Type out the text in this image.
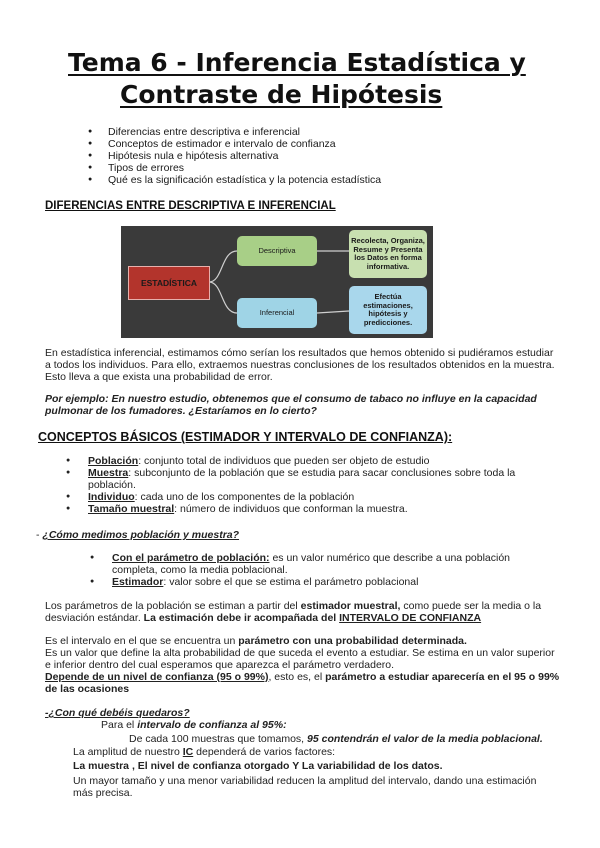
Tema 6 - Inferencia Estadística y
Contraste de Hipótesis
● Diferencias entre descriptiva e inferencial
● Conceptos de estimador e intervalo de confianza
● Hipótesis nula e hipótesis alternativa
● Tipos de errores
● Qué es la significación estadística y la potencia estadística
DIFERENCIAS ENTRE DESCRIPTIVA E INFERENCIAL
ESTADÍSTICA
Descriptiva
Inferencial
Recolecta, Organiza, Resume y Presenta los Datos en forma informativa.
Efectúa estimaciones, hipótesis y predicciones.
En estadística inferencial, estimamos cómo serían los resultados que hemos obtenido si pudiéramos estudiar a todos los individuos. Para ello, extraemos nuestras conclusiones de los resultados obtenidos en la muestra. Esto lleva a que exista una probabilidad de error.
Por ejemplo: En nuestro estudio, obtenemos que el consumo de tabaco no influye en la capacidad pulmonar de los fumadores. ¿Estaríamos en lo cierto?
CONCEPTOS BÁSICOS (ESTIMADOR Y INTERVALO DE CONFIANZA):
● Población: conjunto total de individuos que pueden ser objeto de estudio
● Muestra: subconjunto de la población que se estudia para sacar conclusiones sobre toda la población.
● Individuo: cada uno de los componentes de la población
● Tamaño muestral: número de individuos que conforman la muestra.
- ¿Cómo medimos población y muestra?
● Con el parámetro de población: es un valor numérico que describe a una población completa, como la media poblacional.
● Estimador: valor sobre el que se estima el parámetro poblacional
Los parámetros de la población se estiman a partir del estimador muestral, como puede ser la media o la desviación estándar. La estimación debe ir acompañada del INTERVALO DE CONFIANZA
Es el intervalo en el que se encuentra un parámetro con una probabilidad determinada.
Es un valor que define la alta probabilidad de que suceda el evento a estudiar. Se estima en un valor superior e inferior dentro del cual esperamos que aparezca el parámetro verdadero.
Depende de un nivel de confianza (95 o 99%), esto es, el parámetro a estudiar aparecería en el 95 o 99% de las ocasiones
-¿Con qué debéis quedaros?
Para el intervalo de confianza al 95%:
De cada 100 muestras que tomamos, 95 contendrán el valor de la media poblacional.
La amplitud de nuestro IC dependerá de varios factores:
La muestra , El nivel de confianza otorgado Y La variabilidad de los datos.
Un mayor tamaño y una menor variabilidad reducen la amplitud del intervalo, dando una estimación más precisa.
